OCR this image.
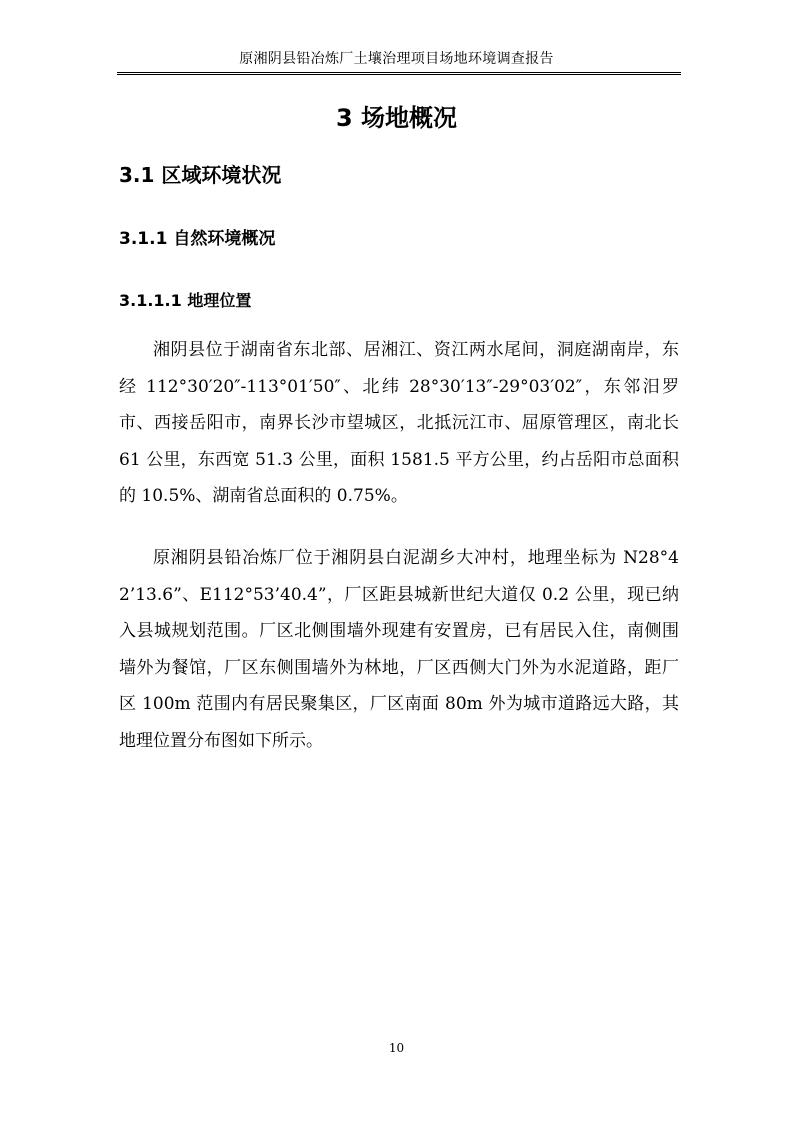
原湘阴县铅冶炼厂土壤治理项目场地环境调查报告
3 场地概况
3.1 区域环境状况
3.1.1 自然环境概况
3.1.1.1 地理位置

湘阴县位于湖南省东北部、居湘江、资江两水尾间，洞庭湖南岸，东经 112°30′20″-113°01′50″、北纬 28°30′13″-29°03′02″，东邻汨罗市、西接岳阳市，南界长沙市望城区，北抵沅江市、屈原管理区，南北长 61 公里，东西宽 51.3 公里，面积 1581.5 平方公里，约占岳阳市总面积的 10.5%、湖南省总面积的 0.75%。

原湘阴县铅冶炼厂位于湘阴县白泥湖乡大冲村，地理坐标为 N28°42’13.6”、E112°53’40.4”，厂区距县城新世纪大道仅 0.2 公里，现已纳入县城规划范围。厂区北侧围墙外现建有安置房，已有居民入住，南侧围墙外为餐馆，厂区东侧围墙外为林地，厂区西侧大门外为水泥道路，距厂区 100m 范围内有居民聚集区，厂区南面 80m 外为城市道路远大路，其地理位置分布图如下所示。

10
